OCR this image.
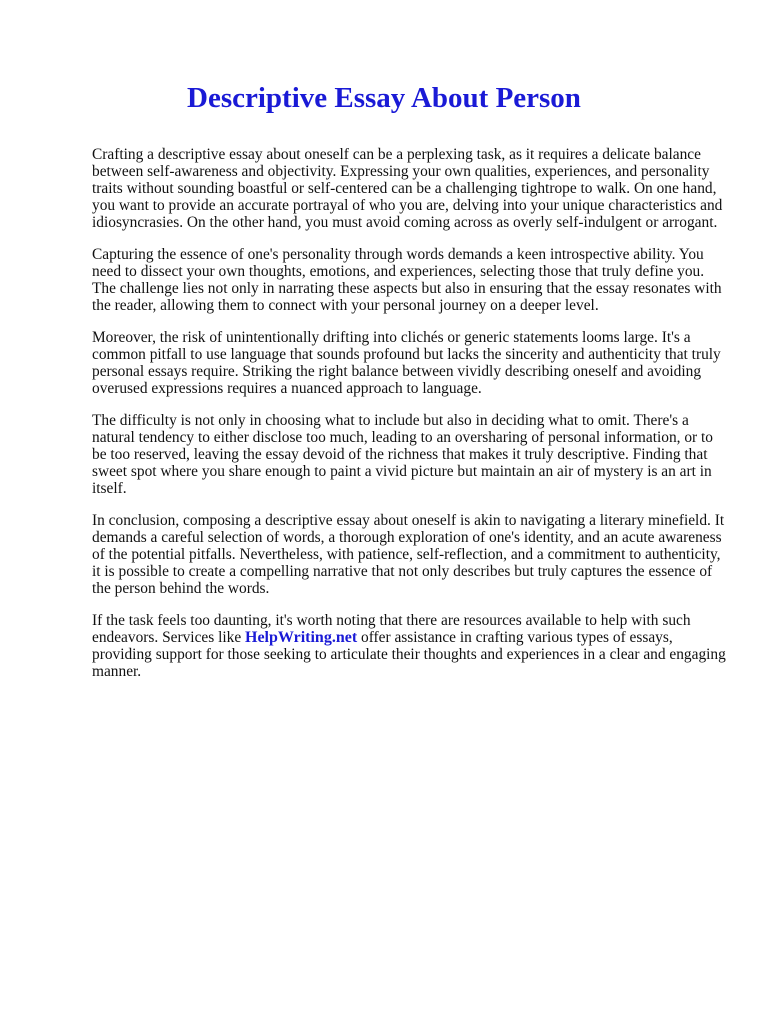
Descriptive Essay About Person

Crafting a descriptive essay about oneself can be a perplexing task, as it requires a delicate balance between self-awareness and objectivity. Expressing your own qualities, experiences, and personality traits without sounding boastful or self-centered can be a challenging tightrope to walk. On one hand, you want to provide an accurate portrayal of who you are, delving into your unique characteristics and idiosyncrasies. On the other hand, you must avoid coming across as overly self-indulgent or arrogant.

Capturing the essence of one's personality through words demands a keen introspective ability. You need to dissect your own thoughts, emotions, and experiences, selecting those that truly define you. The challenge lies not only in narrating these aspects but also in ensuring that the essay resonates with the reader, allowing them to connect with your personal journey on a deeper level.

Moreover, the risk of unintentionally drifting into clichés or generic statements looms large. It's a common pitfall to use language that sounds profound but lacks the sincerity and authenticity that truly personal essays require. Striking the right balance between vividly describing oneself and avoiding overused expressions requires a nuanced approach to language.

The difficulty is not only in choosing what to include but also in deciding what to omit. There's a natural tendency to either disclose too much, leading to an oversharing of personal information, or to be too reserved, leaving the essay devoid of the richness that makes it truly descriptive. Finding that sweet spot where you share enough to paint a vivid picture but maintain an air of mystery is an art in itself.

In conclusion, composing a descriptive essay about oneself is akin to navigating a literary minefield. It demands a careful selection of words, a thorough exploration of one's identity, and an acute awareness of the potential pitfalls. Nevertheless, with patience, self-reflection, and a commitment to authenticity, it is possible to create a compelling narrative that not only describes but truly captures the essence of the person behind the words.

If the task feels too daunting, it's worth noting that there are resources available to help with such endeavors. Services like HelpWriting.net offer assistance in crafting various types of essays, providing support for those seeking to articulate their thoughts and experiences in a clear and engaging manner.
